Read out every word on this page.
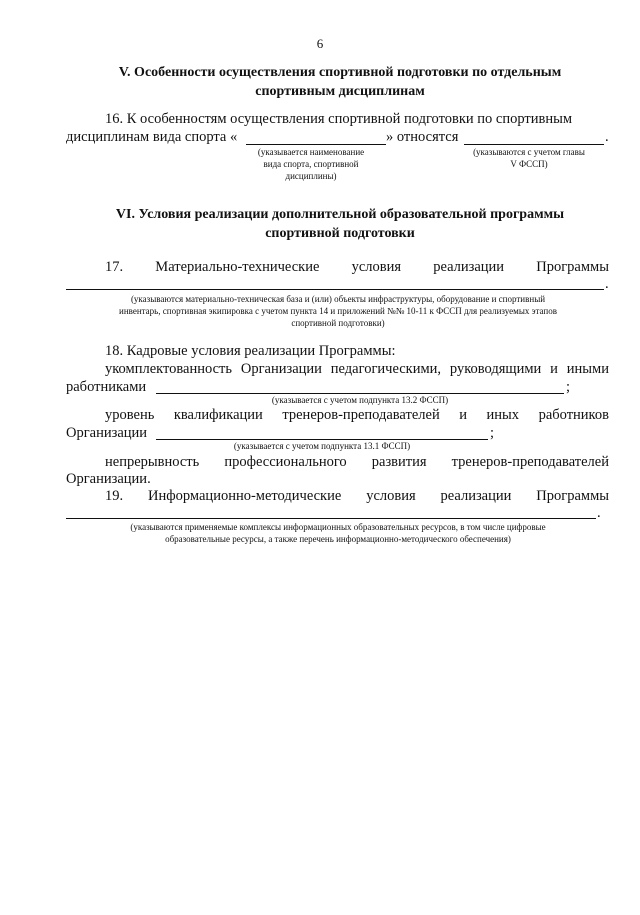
6
V. Особенности осуществления спортивной подготовки по отдельным
спортивным дисциплинам
16. К особенностям осуществления спортивной подготовки по спортивным
дисциплинам вида спорта «	» относятся	.
(указывается наименование
вида спорта, спортивной
дисциплины)
(указываются с учетом главы
V ФССП)
VI. Условия реализации дополнительной образовательной программы
спортивной подготовки
17. Материально-технические условия реализации Программы
.
(указываются материально-техническая база и (или) объекты инфраструктуры, оборудование и спортивный
инвентарь, спортивная экипировка с учетом пункта 14 и приложений №№ 10-11 к ФССП для реализуемых этапов
спортивной подготовки)
18. Кадровые условия реализации Программы:
укомплектованность Организации педагогическими, руководящими и иными
работниками	;
(указывается с учетом подпункта 13.2 ФССП)
уровень квалификации тренеров-преподавателей и иных работников
Организации	;
(указывается с учетом подпункта 13.1 ФССП)
непрерывность профессионального развития тренеров-преподавателей
Организации.
19. Информационно-методические условия реализации Программы
.
(указываются применяемые комплексы информационных образовательных ресурсов, в том числе цифровые
образовательные ресурсы, а также перечень информационно-методического обеспечения)
